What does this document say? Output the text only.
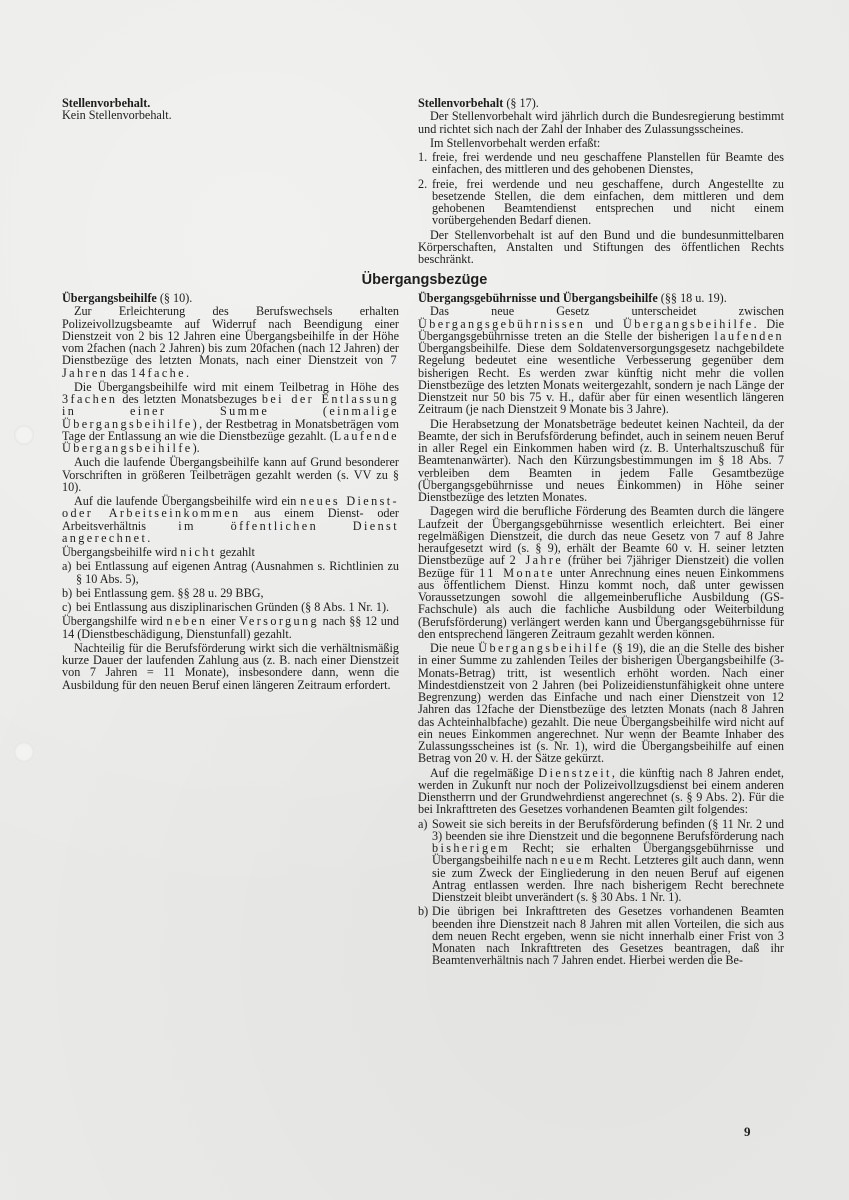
Stellenvorbehalt.
Kein Stellenvorbehalt.
Stellenvorbehalt (§ 17).

Der Stellenvorbehalt wird jährlich durch die Bundesregierung bestimmt und richtet sich nach der Zahl der Inhaber des Zulassungsscheines.

Im Stellenvorbehalt werden erfaßt:

1. freie, frei werdende und neu geschaffene Planstellen für Beamte des einfachen, des mittleren und des gehobenen Dienstes,
2. freie, frei werdende und neu geschaffene, durch Angestellte zu besetzende Stellen, die dem einfachen, dem mittleren und dem gehobenen Beamtendienst entsprechen und nicht einem vorübergehenden Bedarf dienen.

Der Stellenvorbehalt ist auf den Bund und die bundesunmittelbaren Körperschaften, Anstalten und Stiftungen des öffentlichen Rechts beschränkt.

Übergangsbezüge
Übergangsbeihilfe (§ 10).

Zur Erleichterung des Berufswechsels erhalten Polizeivollzugsbeamte auf Widerruf nach Beendigung einer Dienstzeit von 2 bis 12 Jahren eine Übergangsbeihilfe in der Höhe vom 2fachen (nach 2 Jahren) bis zum 20fachen (nach 12 Jahren) der Dienstbezüge des letzten Monats, nach einer Dienstzeit von 7 Jahren das 14fache.

Die Übergangsbeihilfe wird mit einem Teilbetrag in Höhe des 3fachen des letzten Monatsbezuges bei der Entlassung in einer Summe (einmalige Übergangsbeihilfe), der Restbetrag in Monatsbeträgen vom Tage der Entlassung an wie die Dienstbezüge gezahlt. (Laufende Übergangsbeihilfe).

Auch die laufende Übergangsbeihilfe kann auf Grund besonderer Vorschriften in größeren Teilbeträgen gezahlt werden (s. VV zu § 10).

Auf die laufende Übergangsbeihilfe wird ein neues Dienst- oder Arbeitseinkommen aus einem Dienst- oder Arbeitsverhältnis im öffentlichen Dienst angerechnet.

Übergangsbeihilfe wird nicht gezahlt

a) bei Entlassung auf eigenen Antrag (Ausnahmen s. Richtlinien zu § 10 Abs. 5),
b) bei Entlassung gem. §§ 28 u. 29 BBG,
c) bei Entlassung aus disziplinarischen Gründen (§ 8 Abs. 1 Nr. 1).

Übergangshilfe wird neben einer Versorgung nach §§ 12 und 14 (Dienstbeschädigung, Dienstunfall) gezahlt.

Nachteilig für die Berufsförderung wirkt sich die verhältnismäßig kurze Dauer der laufenden Zahlung aus (z. B. nach einer Dienstzeit von 7 Jahren = 11 Monate), insbesondere dann, wenn die Ausbildung für den neuen Beruf einen längeren Zeitraum erfordert.

Übergangsgebührnisse und Übergangsbeihilfe (§§ 18 u. 19).

Das neue Gesetz unterscheidet zwischen Übergangsgebührnissen und Übergangsbeihilfe. Die Übergangsgebührnisse treten an die Stelle der bisherigen laufenden Übergangsbeihilfe. Diese dem Soldatenversorgungsgesetz nachgebildete Regelung bedeutet eine wesentliche Verbesserung gegenüber dem bisherigen Recht. Es werden zwar künftig nicht mehr die vollen Dienstbezüge des letzten Monats weitergezahlt, sondern je nach Länge der Dienstzeit nur 50 bis 75 v. H., dafür aber für einen wesentlich längeren Zeitraum (je nach Dienstzeit 9 Monate bis 3 Jahre).

Die Herabsetzung der Monatsbeträge bedeutet keinen Nachteil, da der Beamte, der sich in Berufsförderung befindet, auch in seinem neuen Beruf in aller Regel ein Einkommen haben wird (z. B. Unterhaltszuschuß für Beamtenanwärter). Nach den Kürzungsbestimmungen im § 18 Abs. 7 verbleiben dem Beamten in jedem Falle Gesamtbezüge (Übergangsgebührnisse und neues Einkommen) in Höhe seiner Dienstbezüge des letzten Monates.

Dagegen wird die berufliche Förderung des Beamten durch die längere Laufzeit der Übergangsgebührnisse wesentlich erleichtert. Bei einer regelmäßigen Dienstzeit, die durch das neue Gesetz von 7 auf 8 Jahre heraufgesetzt wird (s. § 9), erhält der Beamte 60 v. H. seiner letzten Dienstbezüge auf 2 Jahre (früher bei 7jähriger Dienstzeit) die vollen Bezüge für 11 Monate unter Anrechnung eines neuen Einkommens aus öffentlichem Dienst. Hinzu kommt noch, daß unter gewissen Voraussetzungen sowohl die allgemeinberufliche Ausbildung (GS-Fachschule) als auch die fachliche Ausbildung oder Weiterbildung (Berufsförderung) verlängert werden kann und Übergangsgebührnisse für den entsprechend längeren Zeitraum gezahlt werden können.

Die neue Übergangsbeihilfe (§ 19), die an die Stelle des bisher in einer Summe zu zahlenden Teiles der bisherigen Übergangsbeihilfe (3-Monats-Betrag) tritt, ist wesentlich erhöht worden. Nach einer Mindestdienstzeit von 2 Jahren (bei Polizeidienstunfähigkeit ohne untere Begrenzung) werden das Einfache und nach einer Dienstzeit von 12 Jahren das 12fache der Dienstbezüge des letzten Monats (nach 8 Jahren das Achteinhalbfache) gezahlt. Die neue Übergangsbeihilfe wird nicht auf ein neues Einkommen angerechnet. Nur wenn der Beamte Inhaber des Zulassungsscheines ist (s. Nr. 1), wird die Übergangsbeihilfe auf einen Betrag von 20 v. H. der Sätze gekürzt.

Auf die regelmäßige Dienstzeit, die künftig nach 8 Jahren endet, werden in Zukunft nur noch der Polizeivollzugsdienst bei einem anderen Dienstherrn und der Grundwehrdienst angerechnet (s. § 9 Abs. 2). Für die bei Inkrafttreten des Gesetzes vorhandenen Beamten gilt folgendes:

a) Soweit sie sich bereits in der Berufsförderung befinden (§ 11 Nr. 2 und 3) beenden sie ihre Dienstzeit und die begonnene Berufsförderung nach bisherigem Recht; sie erhalten Übergangsgebührnisse und Übergangsbeihilfe nach neuem Recht. Letzteres gilt auch dann, wenn sie zum Zweck der Eingliederung in den neuen Beruf auf eigenen Antrag entlassen werden. Ihre nach bisherigem Recht berechnete Dienstzeit bleibt unverändert (s. § 30 Abs. 1 Nr. 1).
b) Die übrigen bei Inkrafttreten des Gesetzes vorhandenen Beamten beenden ihre Dienstzeit nach 8 Jahren mit allen Vorteilen, die sich aus dem neuen Recht ergeben, wenn sie nicht innerhalb einer Frist von 3 Monaten nach Inkrafttreten des Gesetzes beantragen, daß ihr Beamtenverhältnis nach 7 Jahren endet. Hierbei werden die Be-
9
